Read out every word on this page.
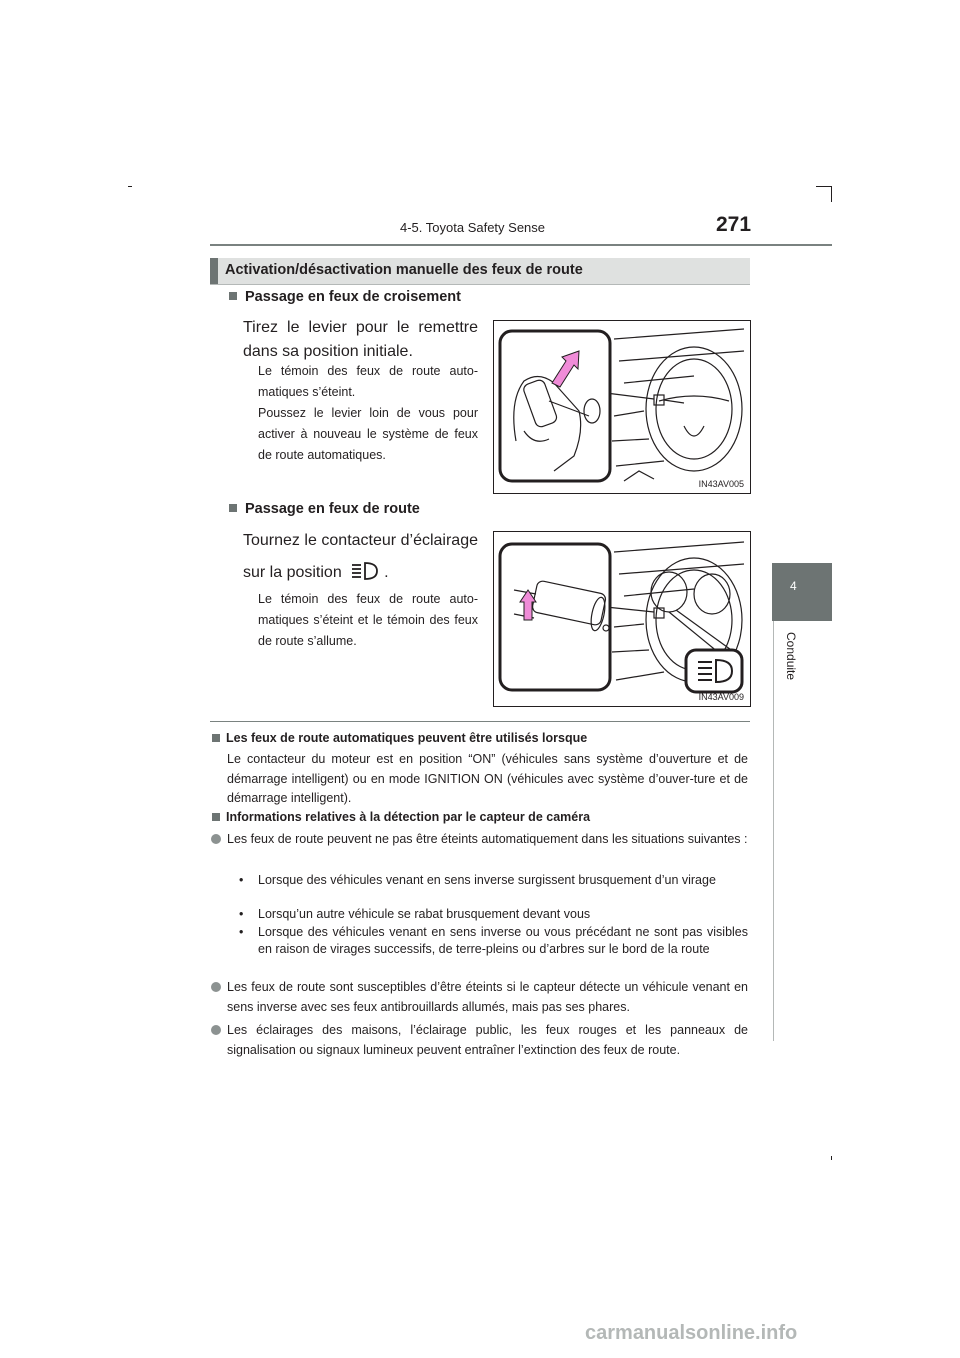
4-5. Toyota Safety Sense	271
4
Conduite
Activation/désactivation manuelle des feux de route
Passage en feux de croisement
Tirez le levier pour le remettre dans sa position initiale.
Le témoin des feux de route auto-matiques s’éteint.
Poussez le levier loin de vous pour activer à nouveau le système de feux de route automatiques.
IN43AV005
Passage en feux de route
Tournez le contacteur d’éclairage sur la position	.
Le témoin des feux de route auto-matiques s’éteint et le témoin des feux de route s’allume.
IN43AV009
Les feux de route automatiques peuvent être utilisés lorsque
Le contacteur du moteur est en position “ON” (véhicules sans système d’ouverture et de démarrage intelligent) ou en mode IGNITION ON (véhicules avec système d’ouver-ture et de démarrage intelligent).
Informations relatives à la détection par le capteur de caméra
Les feux de route peuvent ne pas être éteints automatiquement dans les situations suivantes :
• Lorsque des véhicules venant en sens inverse surgissent brusquement d’un virage
• Lorsqu’un autre véhicule se rabat brusquement devant vous
• Lorsque des véhicules venant en sens inverse ou vous précédant ne sont pas visibles en raison de virages successifs, de terre-pleins ou d’arbres sur le bord de la route
Les feux de route sont susceptibles d’être éteints si le capteur détecte un véhicule venant en sens inverse avec ses feux antibrouillards allumés, mais pas ses phares.
Les éclairages des maisons, l’éclairage public, les feux rouges et les panneaux de signalisation ou signaux lumineux peuvent entraîner l’extinction des feux de route.
carmanualsonline.info
